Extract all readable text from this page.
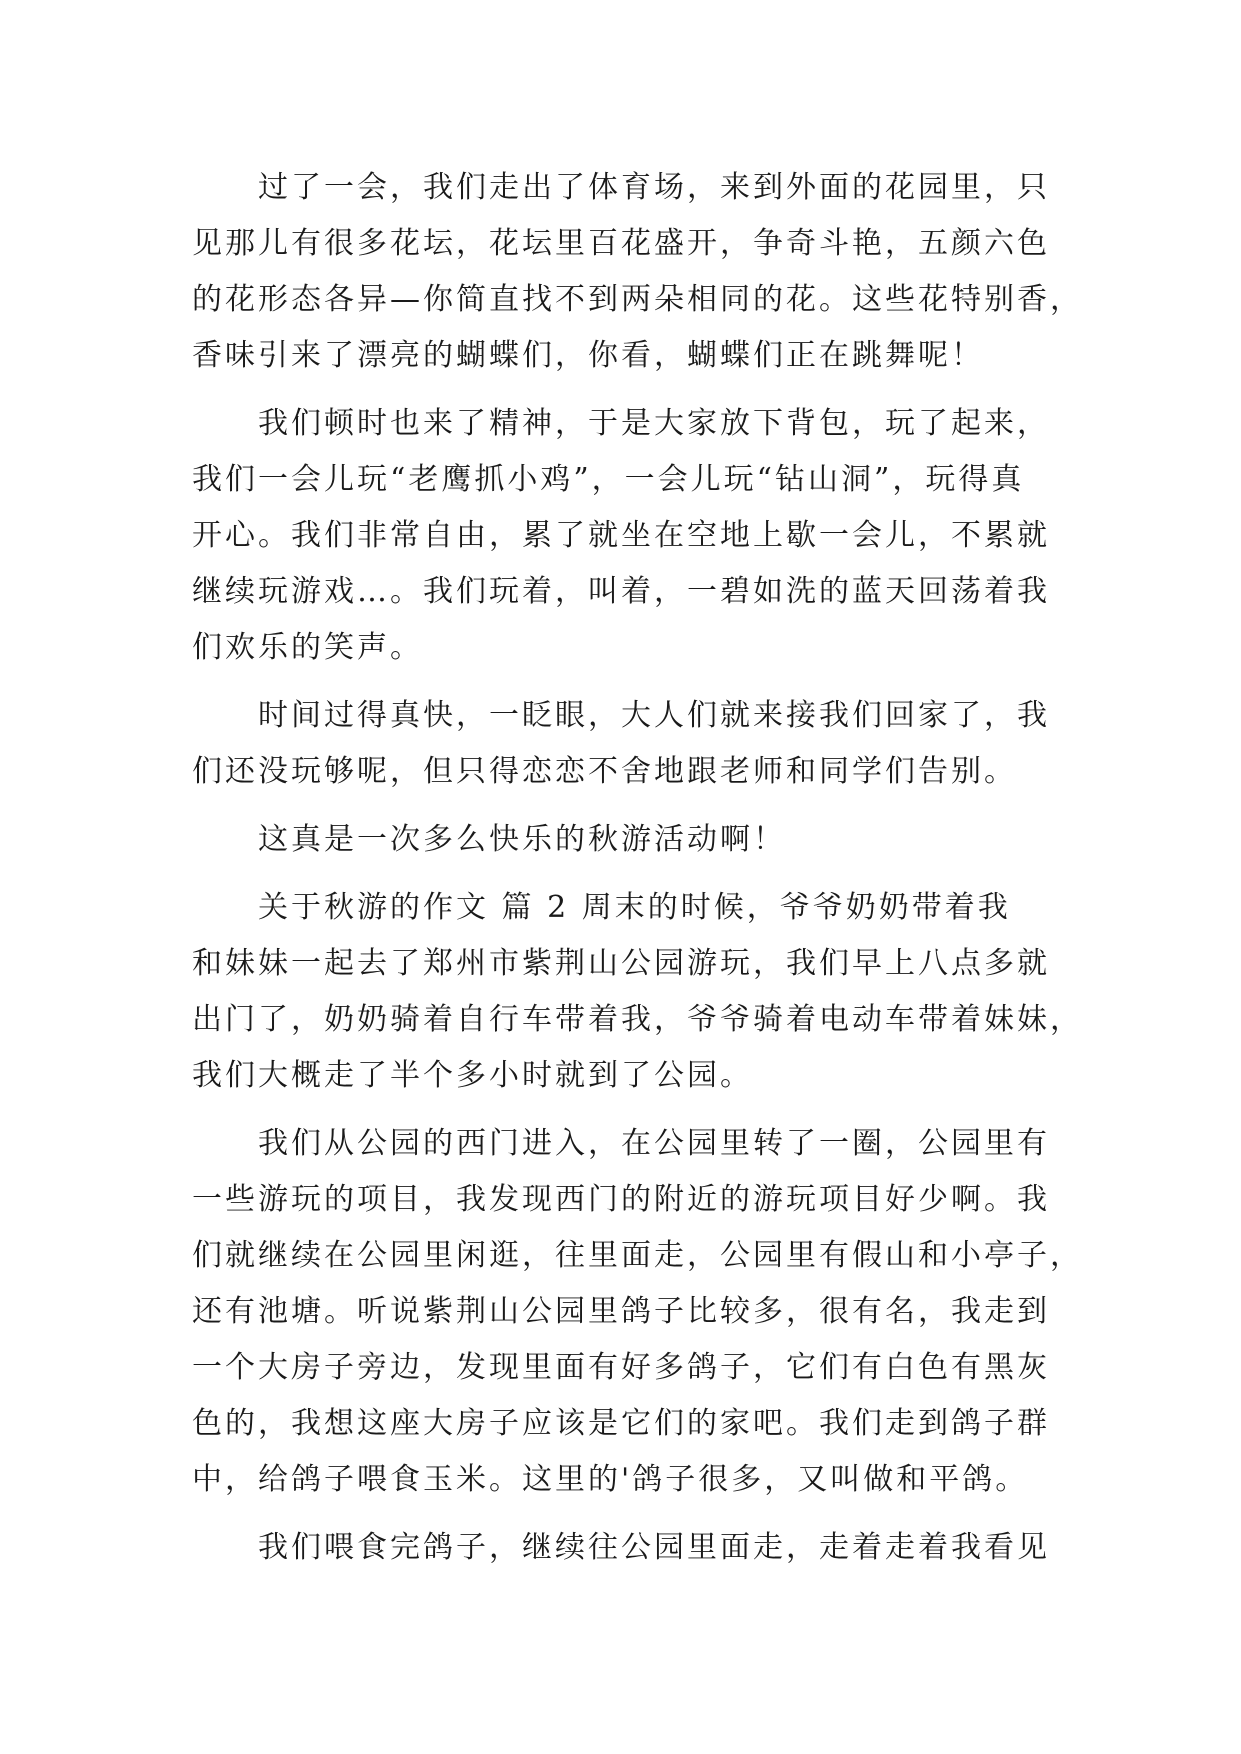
过了一会，我们走出了体育场，来到外面的花园里，只
见那儿有很多花坛，花坛里百花盛开，争奇斗艳，五颜六色
的花形态各异—你简直找不到两朵相同的花。这些花特别香，
香味引来了漂亮的蝴蝶们，你看，蝴蝶们正在跳舞呢！
我们顿时也来了精神，于是大家放下背包，玩了起来，
我们一会儿玩“老鹰抓小鸡”，一会儿玩“钻山洞”，玩得真
开心。我们非常自由，累了就坐在空地上歇一会儿，不累就
继续玩游戏…。我们玩着，叫着，一碧如洗的蓝天回荡着我
们欢乐的笑声。
时间过得真快，一眨眼，大人们就来接我们回家了，我
们还没玩够呢，但只得恋恋不舍地跟老师和同学们告别。
这真是一次多么快乐的秋游活动啊！
关于秋游的作文 篇 2 周末的时候，爷爷奶奶带着我
和妹妹一起去了郑州市紫荆山公园游玩，我们早上八点多就
出门了，奶奶骑着自行车带着我，爷爷骑着电动车带着妹妹，
我们大概走了半个多小时就到了公园。
我们从公园的西门进入，在公园里转了一圈，公园里有
一些游玩的项目，我发现西门的附近的游玩项目好少啊。我
们就继续在公园里闲逛，往里面走，公园里有假山和小亭子，
还有池塘。听说紫荆山公园里鸽子比较多，很有名，我走到
一个大房子旁边，发现里面有好多鸽子，它们有白色有黑灰
色的，我想这座大房子应该是它们的家吧。我们走到鸽子群
中，给鸽子喂食玉米。这里的'鸽子很多，又叫做和平鸽。
我们喂食完鸽子，继续往公园里面走，走着走着我看见
